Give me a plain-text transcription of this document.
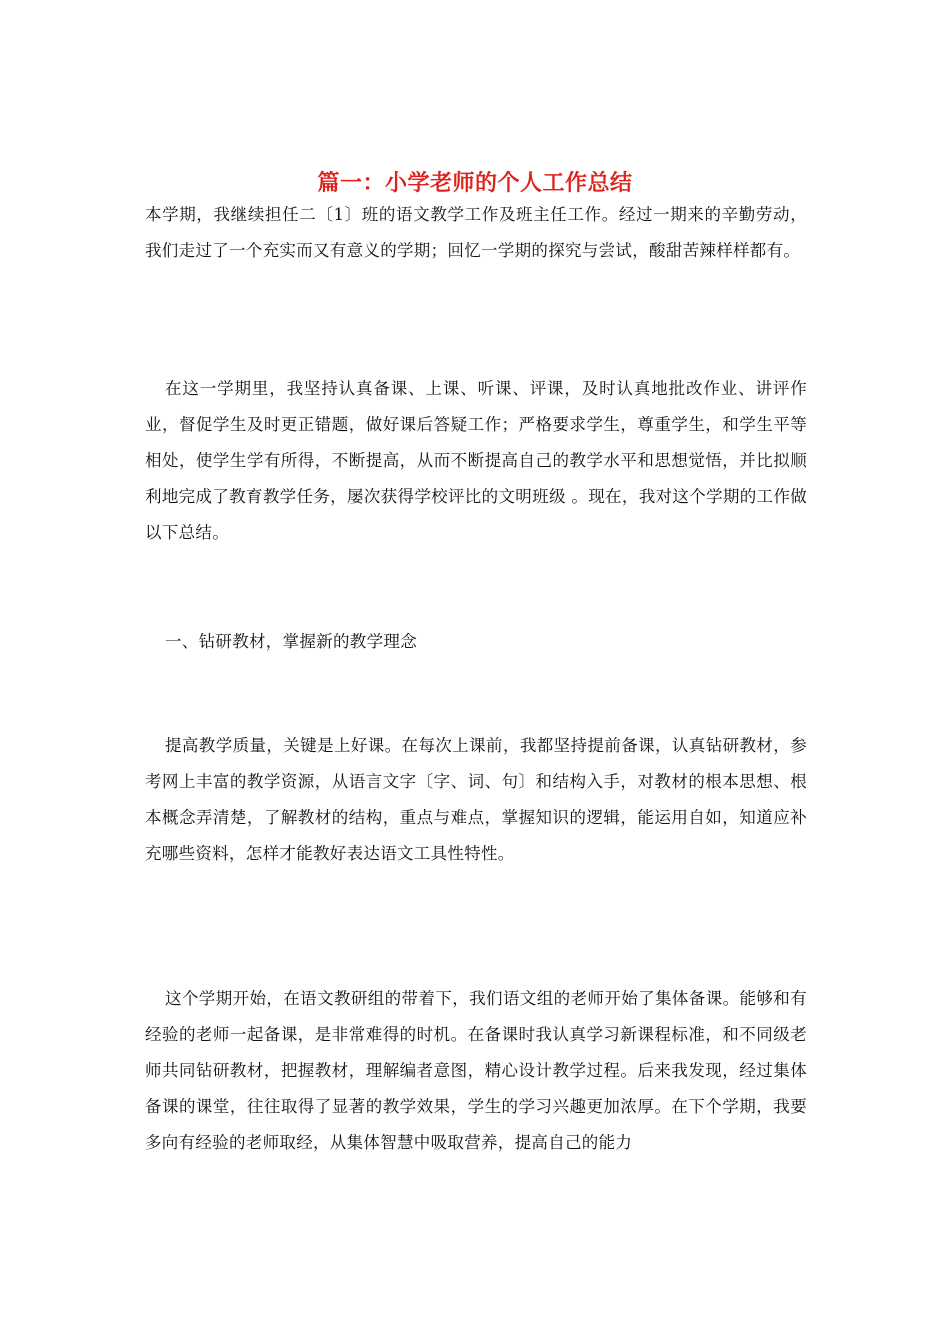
篇一：小学老师的个人工作总结

本学期，我继续担任二〔1〕班的语文教学工作及班主任工作。经过一期来的辛勤劳动，我们走过了一个充实而又有意义的学期；回忆一学期的探究与尝试，酸甜苦辣样样都有。

在这一学期里，我坚持认真备课、上课、听课、评课，及时认真地批改作业、讲评作业，督促学生及时更正错题，做好课后答疑工作；严格要求学生，尊重学生，和学生平等相处，使学生学有所得，不断提高，从而不断提高自己的教学水平和思想觉悟，并比拟顺利地完成了教育教学任务，屡次获得学校评比的文明班级 。现在，我对这个学期的工作做以下总结。

一、钻研教材，掌握新的教学理念

提高教学质量，关键是上好课。在每次上课前，我都坚持提前备课，认真钻研教材，参考网上丰富的教学资源，从语言文字〔字、词、句〕和结构入手，对教材的根本思想、根本概念弄清楚，了解教材的结构，重点与难点，掌握知识的逻辑，能运用自如，知道应补充哪些资料，怎样才能教好表达语文工具性特性。

这个学期开始，在语文教研组的带着下，我们语文组的老师开始了集体备课。能够和有经验的老师一起备课，是非常难得的时机。在备课时我认真学习新课程标准，和不同级老师共同钻研教材，把握教材，理解编者意图，精心设计教学过程。后来我发现，经过集体备课的课堂，往往取得了显著的教学效果，学生的学习兴趣更加浓厚。在下个学期，我要多向有经验的老师取经，从集体智慧中吸取营养，提高自己的能力
